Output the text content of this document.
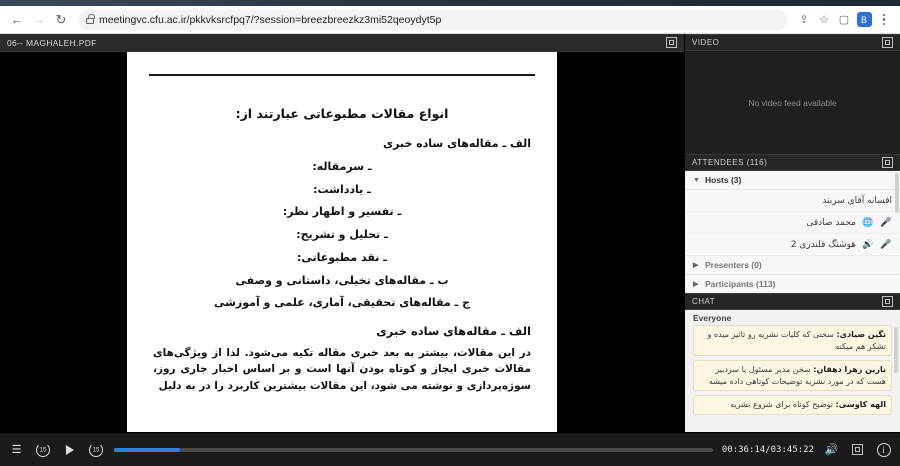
← → ↻	meetingvc.cfu.ac.ir/pkkvksrcfpq7/?session=breezbreezkz3mi52qeoydyt5p	⇪ ☆ ▢	B
06-- MAGHALEH.PDF
انواع مقالات مطبوعاتی عبارتند از:
الف ـ مقاله‌های ساده خبری
ـ سرمقاله:
ـ یادداشت:
ـ تفسیر و اظهار نظر:
ـ تحلیل و تشریح:
ـ نقد مطبوعاتی:
ب ـ مقاله‌های تخیلی، داستانی و وصفی
ج ـ مقاله‌های تحقیقی، آماری، علمی و آموزشی
الف ـ مقاله‌های ساده خبری
در این مقالات، بیشتر به بعد خبری مقاله تکیه می‌شود. لذا از ویژگی‌های مقالات خبری ایجاز و کوتاه بودن آنها است و بر اساس اخبار جاری روز، سوژه‌پردازی و نوشته می شود، این مقالات بیشترین کاربرد را در به دلیل
VIDEO
No video feed available
ATTENDEES (116)
▼ Hosts (3)
افسانه آقای سربند
محمد صادقی 🌐 🎤
هوشنگ قلندری 2 🔊 🎤
▶ Presenters (0)
▶ Participants (113)
CHAT
Everyone
نگین صیادی: سخنی که کلیات نشریه رو تاثیر میده و تشکر هم میکنه
نارین زهرا دهقان: سخن مدیر مسئول یا سردبیر هست که در مورد نشریه توضیحات کوتاهی داده میشه
الهه کاوسی: توضیح کوتاه برای شروع نشریه
☰	15	15	00:36:14/03:45:22 🔊	i
